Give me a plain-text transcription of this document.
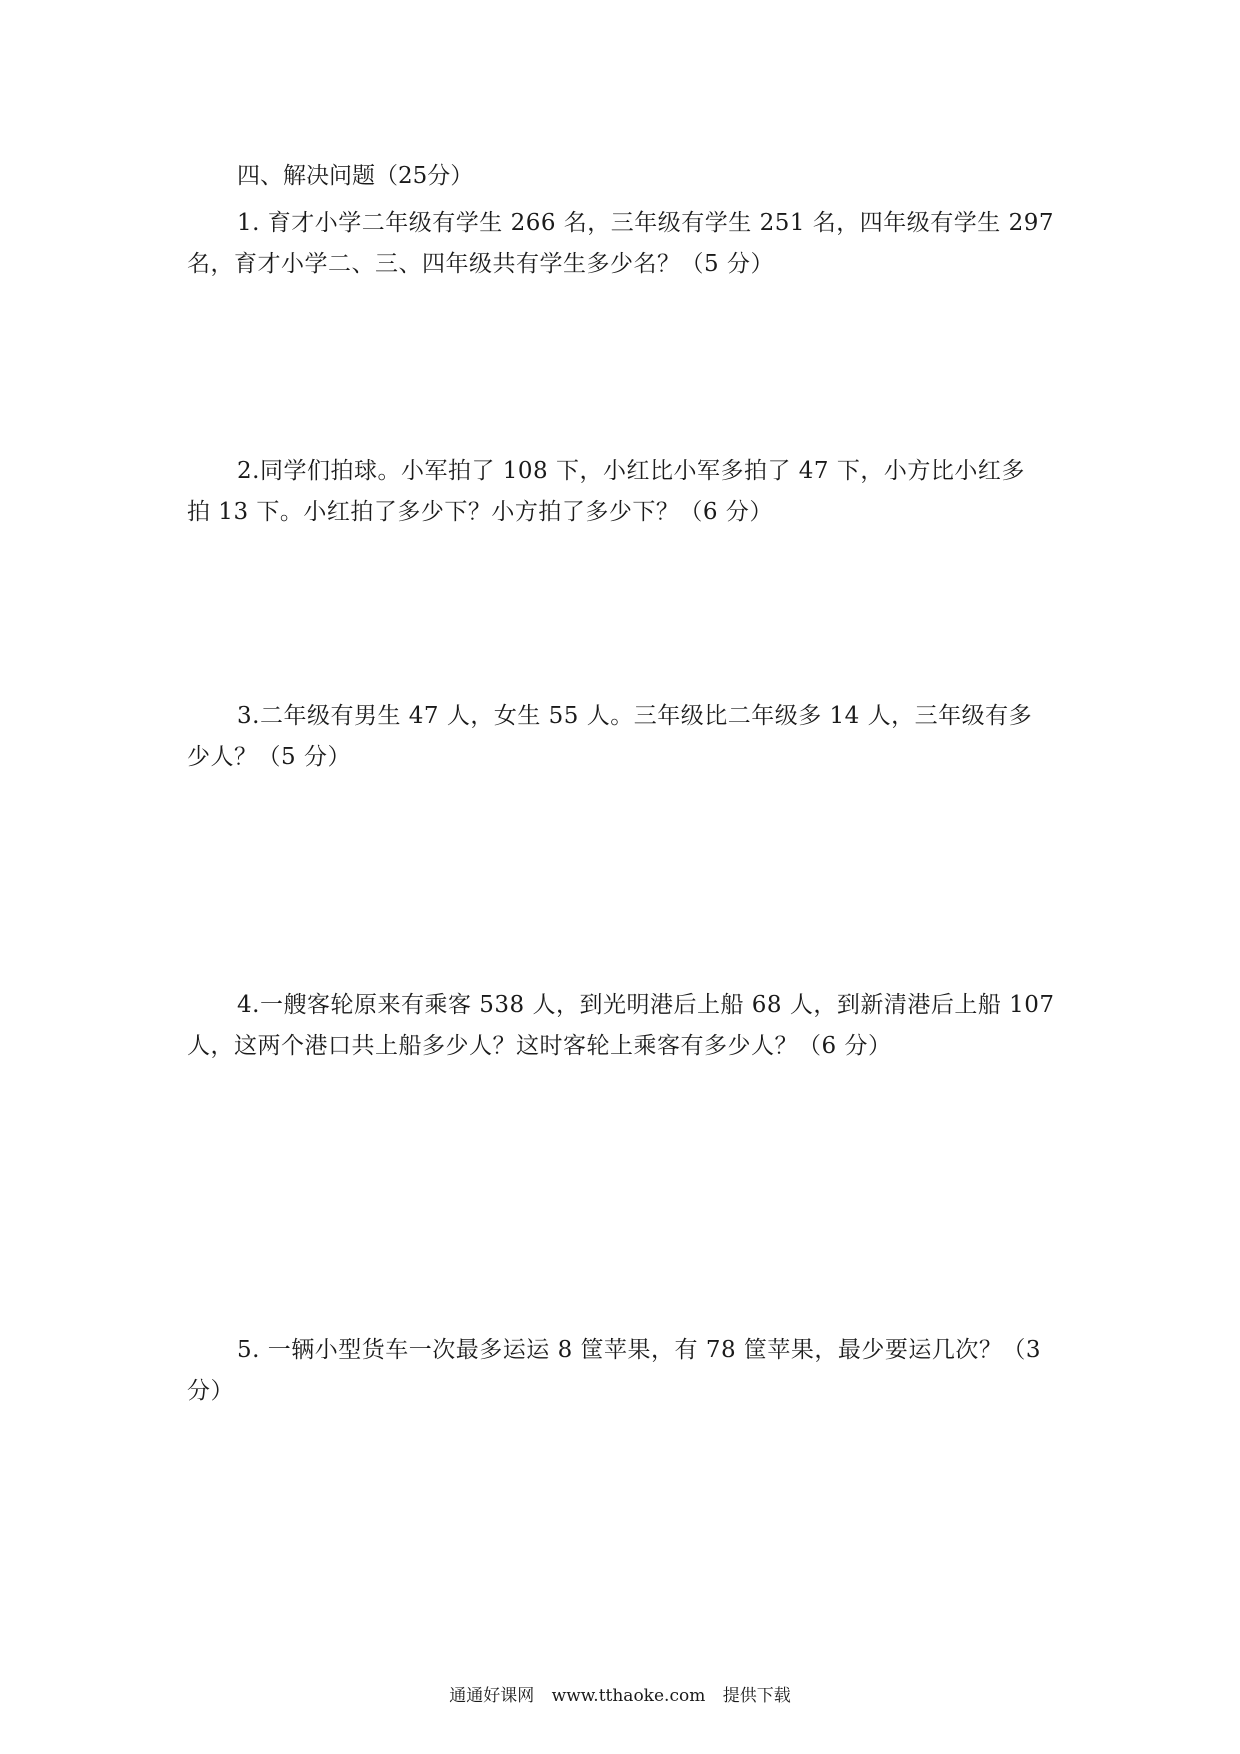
四、解决问题（25分）
1. 育才小学二年级有学生 266 名，三年级有学生 251 名，四年级有学生 297
名，育才小学二、三、四年级共有学生多少名？（5 分）
2.同学们拍球。小军拍了 108 下，小红比小军多拍了 47 下，小方比小红多
拍 13 下。小红拍了多少下？小方拍了多少下？（6 分）
3.二年级有男生 47 人，女生 55 人。三年级比二年级多 14 人，三年级有多
少人？（5 分）
4.一艘客轮原来有乘客 538 人，到光明港后上船 68 人，到新清港后上船 107
人，这两个港口共上船多少人？这时客轮上乘客有多少人？（6 分）
5. 一辆小型货车一次最多运运 8 筐苹果，有 78 筐苹果，最少要运几次？（3
分）
通通好课网 www.tthaoke.com 提供下载
